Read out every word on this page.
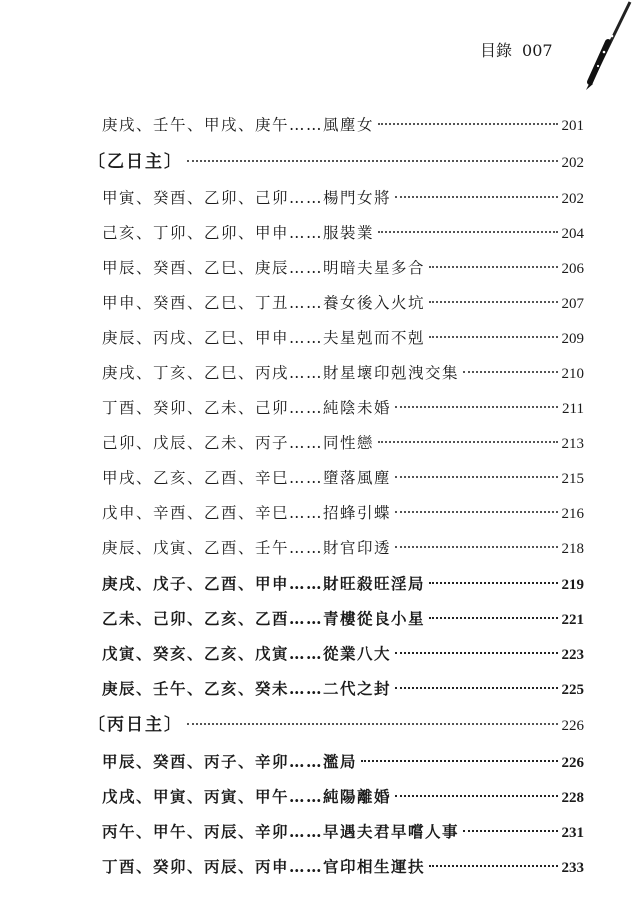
目錄 007
庚戌、壬午、甲戌、庚午……風塵女	201
〔乙日主〕	202
甲寅、癸酉、乙卯、己卯……楊門女將	202
己亥、丁卯、乙卯、甲申……服裝業	204
甲辰、癸酉、乙巳、庚辰……明暗夫星多合	206
甲申、癸酉、乙巳、丁丑……養女後入火坑	207
庚辰、丙戌、乙巳、甲申……夫星剋而不剋	209
庚戌、丁亥、乙巳、丙戌……財星壞印剋洩交集	210
丁酉、癸卯、乙未、己卯……純陰未婚	211
己卯、戊辰、乙未、丙子……同性戀	213
甲戌、乙亥、乙酉、辛巳……墮落風塵	215
戊申、辛酉、乙酉、辛巳……招蜂引蝶	216
庚辰、戊寅、乙酉、壬午……財官印透	218
庚戌、戊子、乙酉、甲申……財旺殺旺淫局	219
乙未、己卯、乙亥、乙酉……青樓從良小星	221
戊寅、癸亥、乙亥、戊寅……從業八大	223
庚辰、壬午、乙亥、癸未……二代之封	225
〔丙日主〕	226
甲辰、癸酉、丙子、辛卯……濫局	226
戊戌、甲寅、丙寅、甲午……純陽離婚	228
丙午、甲午、丙辰、辛卯……早遇夫君早嚐人事	231
丁酉、癸卯、丙辰、丙申……官印相生運扶	233
